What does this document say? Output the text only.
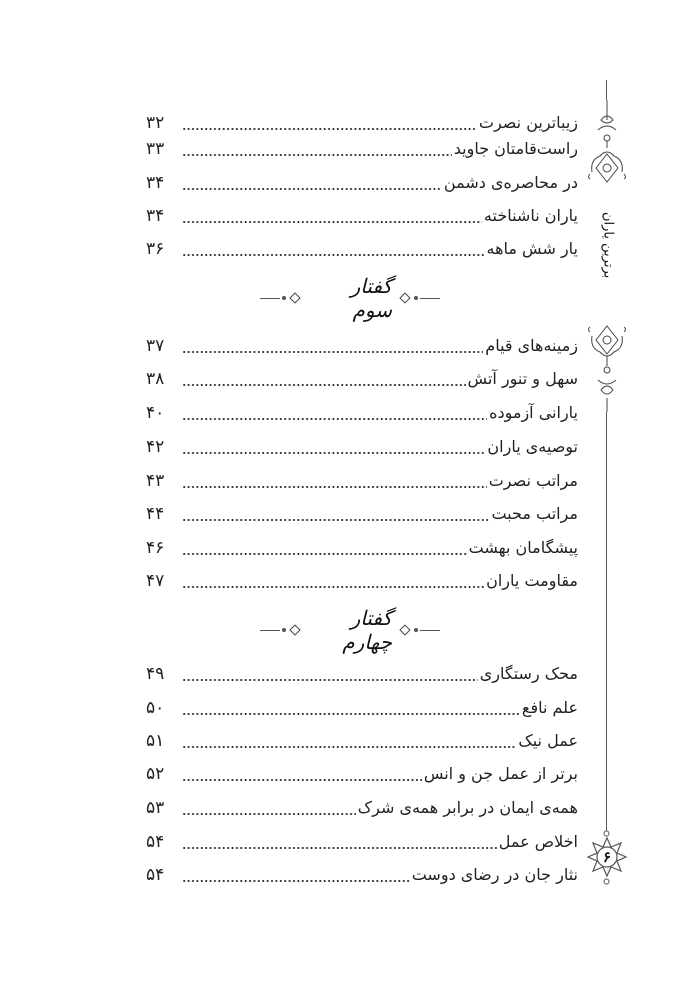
۳۲	زیباترین نصرت
۳۳	راست‌قامتان جاوید
۳۴	در محاصره‌ی دشمن
۳۴	یاران ناشناخته
۳۶	یار شش ماهه
گفتار سوم
۳۷	زمینه‌های قیام
۳۸	سهل و تنور آتش
۴۰	یارانی آزموده
۴۲	توصیه‌ی یاران
۴۳	مراتب نصرت
۴۴	مراتب محبت
۴۶	پیشگامان بهشت
۴۷	مقاومت یاران
گفتار چهارم
۴۹	محک رستگاری
۵۰	علم نافع
۵۱	عمل نیک
۵۲	برتر از عمل جن و انس
۵۳	همه‌ی ایمان در برابر همه‌ی شرک
۵۴	اخلاص عمل
۵۴	نثار جان در رضای دوست
برترین یاران
۶
